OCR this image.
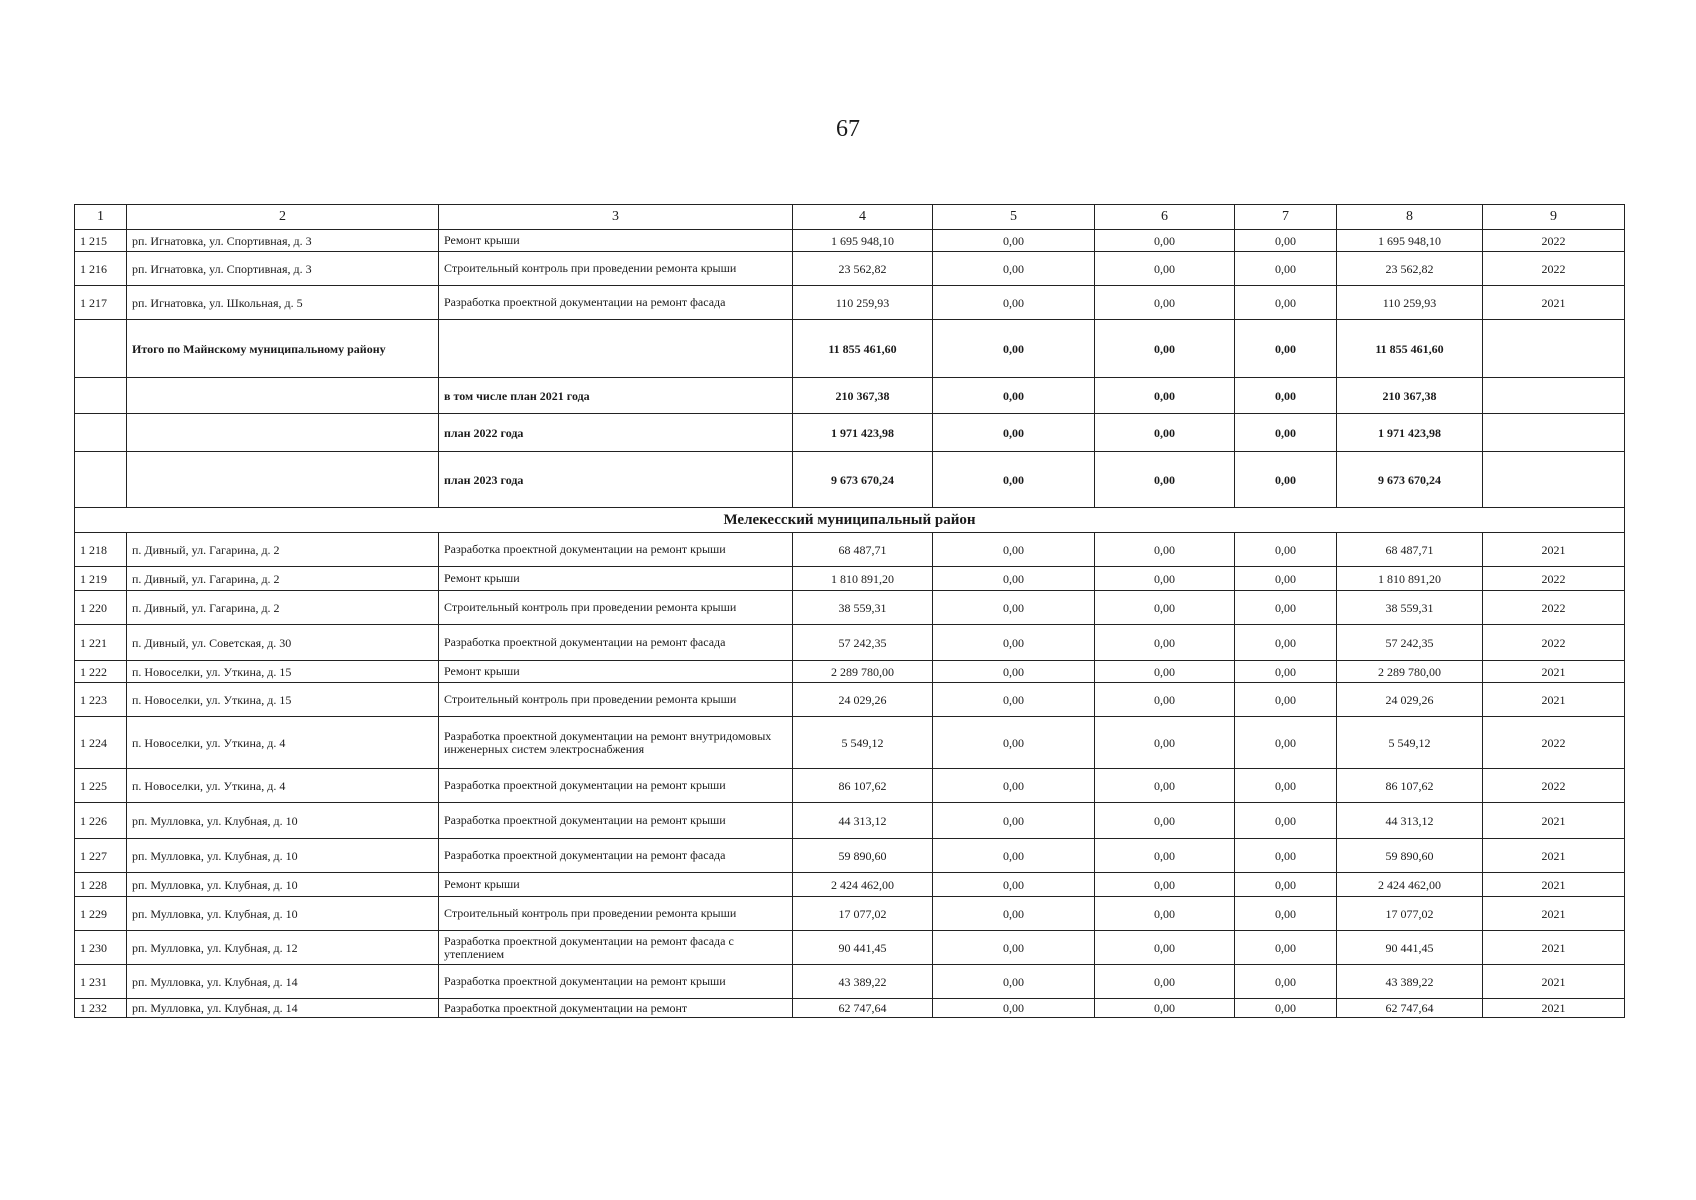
67
1	2	3	4	5	6	7	8	9
1 215	рп. Игнатовка, ул. Спортивная, д. 3	Ремонт крыши	1 695 948,10	0,00	0,00	0,00	1 695 948,10	2022
1 216	рп. Игнатовка, ул. Спортивная, д. 3	Строительный контроль при проведении ремонта крыши	23 562,82	0,00	0,00	0,00	23 562,82	2022
1 217	рп. Игнатовка, ул. Школьная, д. 5	Разработка проектной документации на ремонт фасада	110 259,93	0,00	0,00	0,00	110 259,93	2021
	Итого по Майнскому муниципальному району		11 855 461,60	0,00	0,00	0,00	11 855 461,60	
		в том числе план 2021 года	210 367,38	0,00	0,00	0,00	210 367,38	
		план 2022 года	1 971 423,98	0,00	0,00	0,00	1 971 423,98	
		план 2023 года	9 673 670,24	0,00	0,00	0,00	9 673 670,24	
Мелекесский муниципальный район								
1 218	п. Дивный, ул. Гагарина, д. 2	Разработка проектной документации на ремонт крыши	68 487,71	0,00	0,00	0,00	68 487,71	2021
1 219	п. Дивный, ул. Гагарина, д. 2	Ремонт крыши	1 810 891,20	0,00	0,00	0,00	1 810 891,20	2022
1 220	п. Дивный, ул. Гагарина, д. 2	Строительный контроль при проведении ремонта крыши	38 559,31	0,00	0,00	0,00	38 559,31	2022
1 221	п. Дивный, ул. Советская, д. 30	Разработка проектной документации на ремонт фасада	57 242,35	0,00	0,00	0,00	57 242,35	2022
1 222	п. Новоселки, ул. Уткина, д. 15	Ремонт крыши	2 289 780,00	0,00	0,00	0,00	2 289 780,00	2021
1 223	п. Новоселки, ул. Уткина, д. 15	Строительный контроль при проведении ремонта крыши	24 029,26	0,00	0,00	0,00	24 029,26	2021
1 224	п. Новоселки, ул. Уткина, д. 4	Разработка проектной документации на ремонт внутридомовых инженерных систем электроснабжения	5 549,12	0,00	0,00	0,00	5 549,12	2022
1 225	п. Новоселки, ул. Уткина, д. 4	Разработка проектной документации на ремонт крыши	86 107,62	0,00	0,00	0,00	86 107,62	2022
1 226	рп. Мулловка, ул. Клубная, д. 10	Разработка проектной документации на ремонт крыши	44 313,12	0,00	0,00	0,00	44 313,12	2021
1 227	рп. Мулловка, ул. Клубная, д. 10	Разработка проектной документации на ремонт фасада	59 890,60	0,00	0,00	0,00	59 890,60	2021
1 228	рп. Мулловка, ул. Клубная, д. 10	Ремонт крыши	2 424 462,00	0,00	0,00	0,00	2 424 462,00	2021
1 229	рп. Мулловка, ул. Клубная, д. 10	Строительный контроль при проведении ремонта крыши	17 077,02	0,00	0,00	0,00	17 077,02	2021
1 230	рп. Мулловка, ул. Клубная, д. 12	Разработка проектной документации на ремонт фасада с утеплением	90 441,45	0,00	0,00	0,00	90 441,45	2021
1 231	рп. Мулловка, ул. Клубная, д. 14	Разработка проектной документации на ремонт крыши	43 389,22	0,00	0,00	0,00	43 389,22	2021
1 232	рп. Мулловка, ул. Клубная, д. 14	Разработка проектной документации на ремонт	62 747,64	0,00	0,00	0,00	62 747,64	2021
